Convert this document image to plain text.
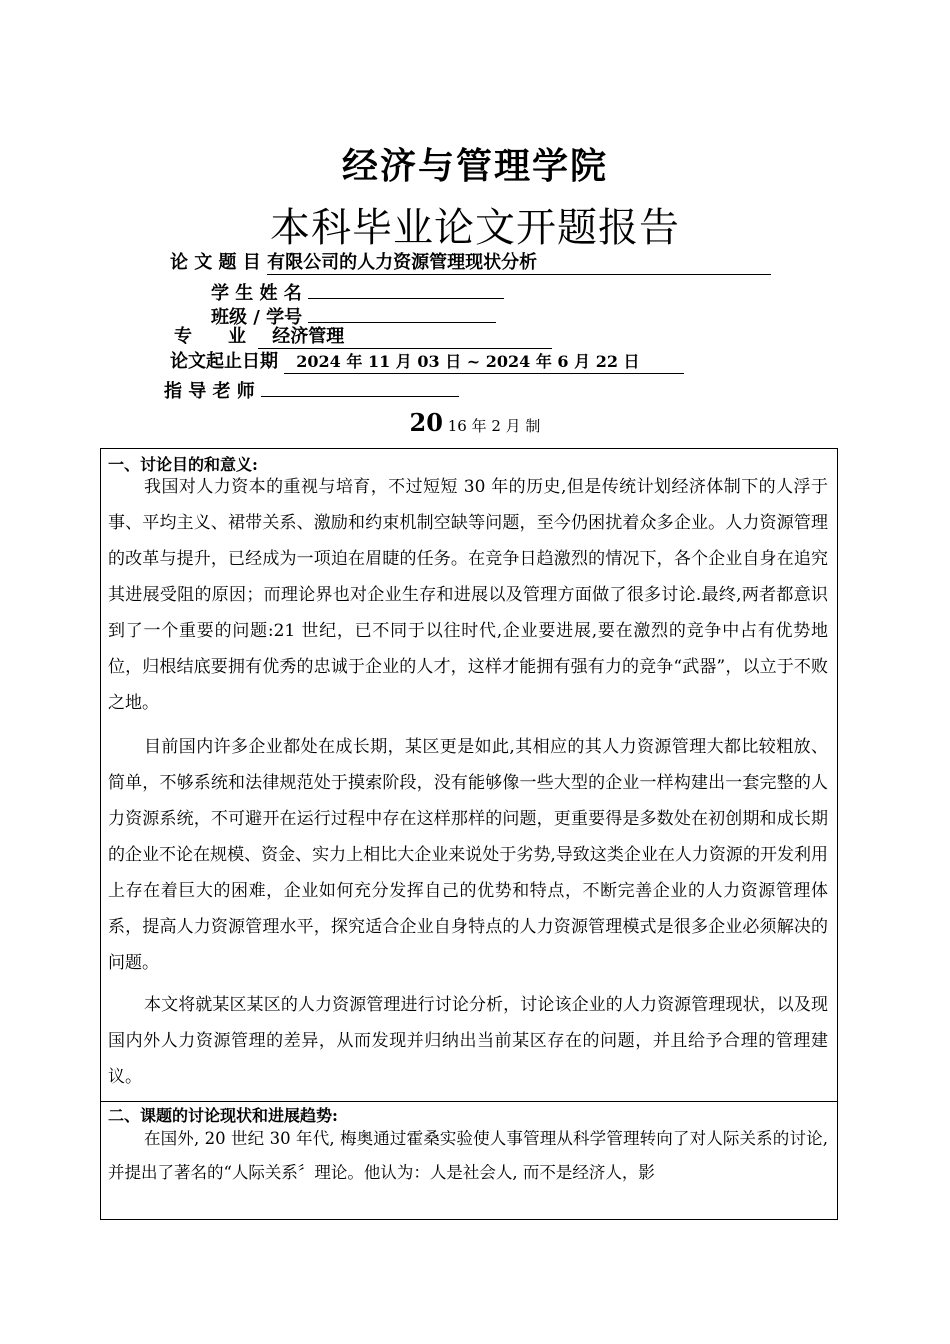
经济与管理学院
本科毕业论文开题报告
论 文 题 目 有限公司的人力资源管理现状分析
学 生 姓 名
班级 / 学号
专　　业 经济管理
论文起止日期 2024 年 11 月 03 日 ~ 2024 年 6 月 22 日
指 导 老 师
20 16 年 2 月 制
一、讨论目的和意义:
我国对人力资本的重视与培育，不过短短 30 年的历史,但是传统计划经济体制下的人浮于事、平均主义、裙带关系、激励和约束机制空缺等问题，至今仍困扰着众多企业。人力资源管理的改革与提升，已经成为一项迫在眉睫的任务。在竞争日趋激烈的情况下，各个企业自身在追究其进展受阻的原因；而理论界也对企业生存和进展以及管理方面做了很多讨论.最终,两者都意识到了一个重要的问题:21 世纪，已不同于以往时代,企业要进展,要在激烈的竞争中占有优势地位，归根结底要拥有优秀的忠诚于企业的人才，这样才能拥有强有力的竞争“武器”，以立于不败之地。
目前国内许多企业都处在成长期，某区更是如此,其相应的其人力资源管理大都比较粗放、简单，不够系统和法律规范处于摸索阶段，没有能够像一些大型的企业一样构建出一套完整的人力资源系统，不可避开在运行过程中存在这样那样的问题，更重要得是多数处在初创期和成长期的企业不论在规模、资金、实力上相比大企业来说处于劣势,导致这类企业在人力资源的开发利用上存在着巨大的困难，企业如何充分发挥自己的优势和特点，不断完善企业的人力资源管理体系，提高人力资源管理水平，探究适合企业自身特点的人力资源管理模式是很多企业必须解决的问题。
本文将就某区某区的人力资源管理进行讨论分析，讨论该企业的人力资源管理现状，以及现国内外人力资源管理的差异，从而发现并归纳出当前某区存在的问题，并且给予合理的管理建议。
二、课题的讨论现状和进展趋势:
在国外, 20 世纪 30 年代, 梅奥通过霍桑实验使人事管理从科学管理转向了对人际关系的讨论, 并提出了著名的“人际关系〞理论。他认为：人是社会人, 而不是经济人，影
